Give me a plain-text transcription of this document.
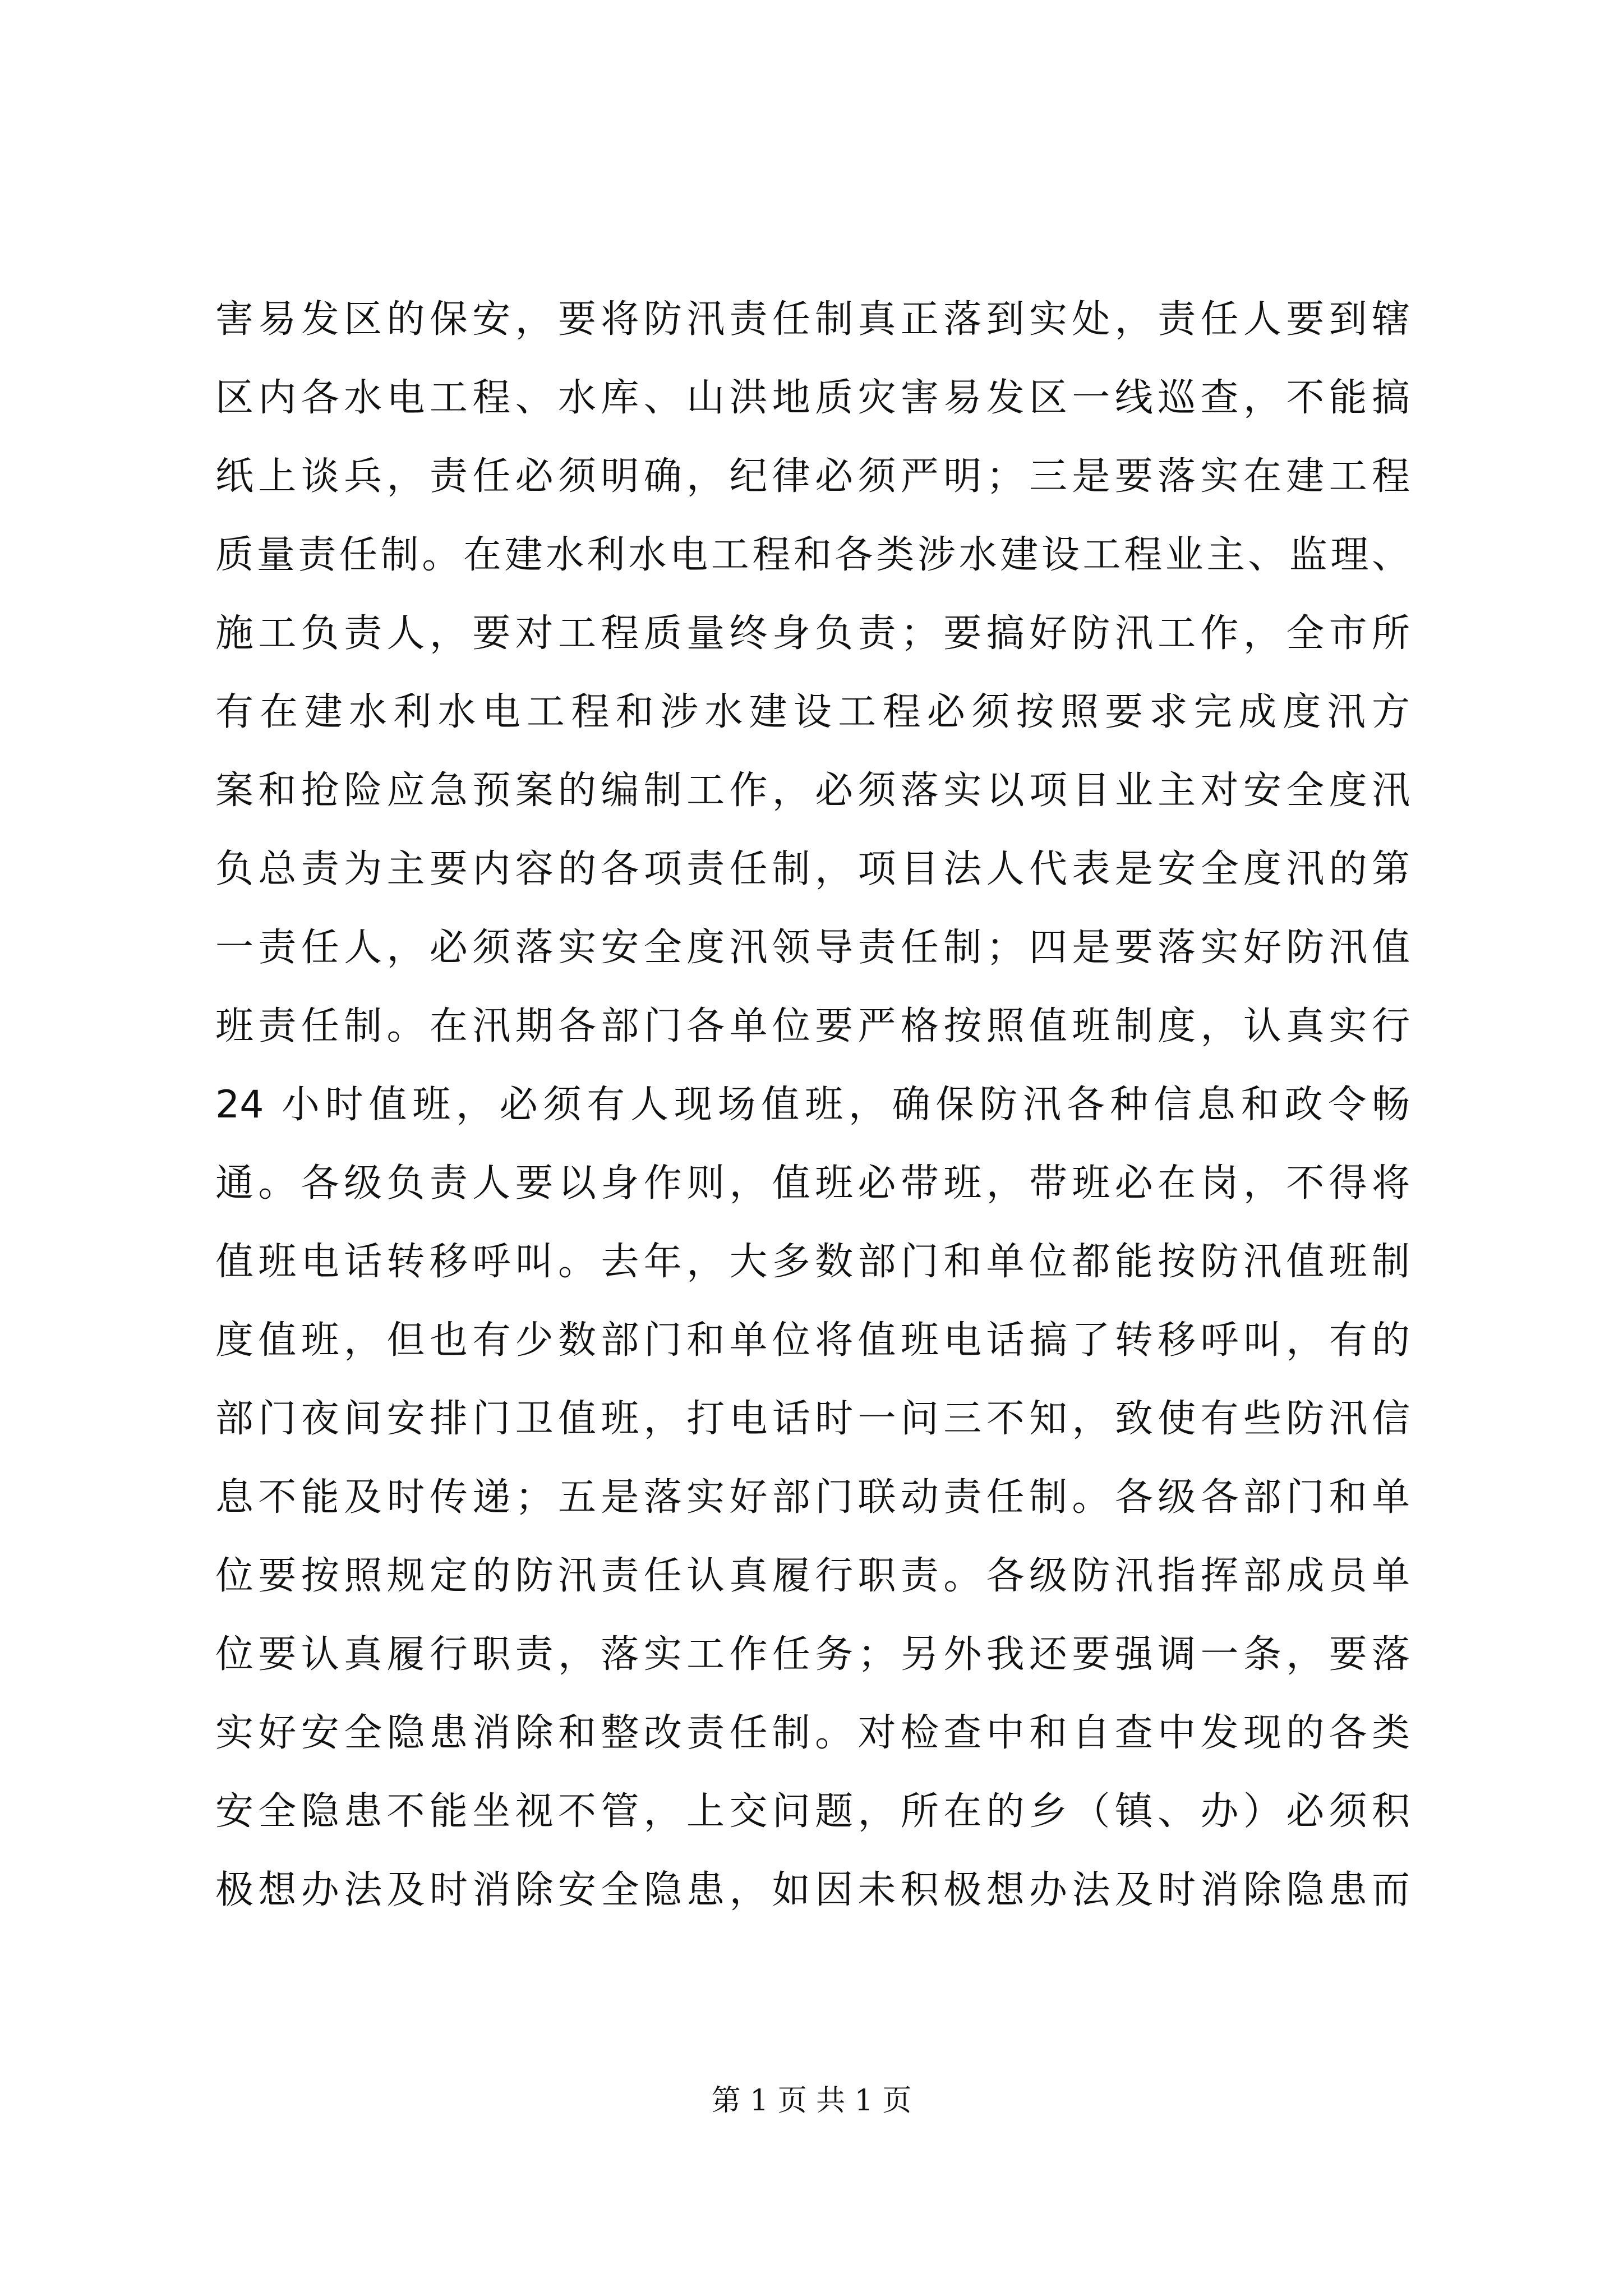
害易发区的保安，要将防汛责任制真正落到实处，责任人要到辖
区内各水电工程、水库、山洪地质灾害易发区一线巡查，不能搞
纸上谈兵，责任必须明确，纪律必须严明；三是要落实在建工程
质量责任制。在建水利水电工程和各类涉水建设工程业主、监理、
施工负责人，要对工程质量终身负责；要搞好防汛工作，全市所
有在建水利水电工程和涉水建设工程必须按照要求完成度汛方
案和抢险应急预案的编制工作，必须落实以项目业主对安全度汛
负总责为主要内容的各项责任制，项目法人代表是安全度汛的第
一责任人，必须落实安全度汛领导责任制；四是要落实好防汛值
班责任制。在汛期各部门各单位要严格按照值班制度，认真实行
24 小时值班，必须有人现场值班，确保防汛各种信息和政令畅
通。各级负责人要以身作则，值班必带班，带班必在岗，不得将
值班电话转移呼叫。去年，大多数部门和单位都能按防汛值班制
度值班，但也有少数部门和单位将值班电话搞了转移呼叫，有的
部门夜间安排门卫值班，打电话时一问三不知，致使有些防汛信
息不能及时传递；五是落实好部门联动责任制。各级各部门和单
位要按照规定的防汛责任认真履行职责。各级防汛指挥部成员单
位要认真履行职责，落实工作任务；另外我还要强调一条，要落
实好安全隐患消除和整改责任制。对检查中和自查中发现的各类
安全隐患不能坐视不管，上交问题，所在的乡（镇、办）必须积
极想办法及时消除安全隐患，如因未积极想办法及时消除隐患而
第 1 页 共 1 页
